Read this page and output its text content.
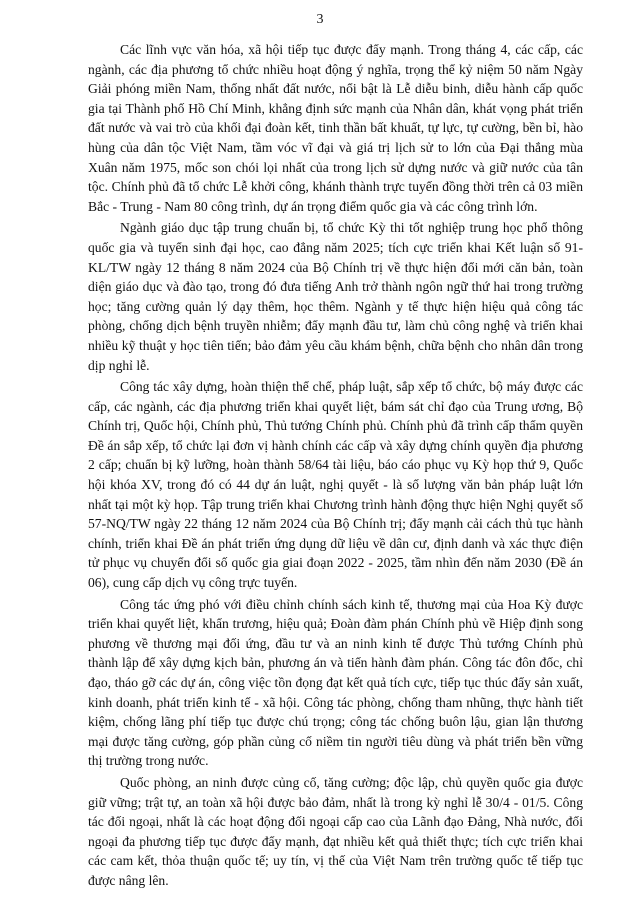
3

Các lĩnh vực văn hóa, xã hội tiếp tục được đẩy mạnh. Trong tháng 4, các cấp, các ngành, các địa phương tổ chức nhiều hoạt động ý nghĩa, trọng thể kỷ niệm 50 năm Ngày Giải phóng miền Nam, thống nhất đất nước, nổi bật là Lễ diễu binh, diễu hành cấp quốc gia tại Thành phố Hồ Chí Minh, khẳng định sức mạnh của Nhân dân, khát vọng phát triển đất nước và vai trò của khối đại đoàn kết, tinh thần bất khuất, tự lực, tự cường, bền bỉ, hào hùng của dân tộc Việt Nam, tầm vóc vĩ đại và giá trị lịch sử to lớn của Đại thắng mùa Xuân năm 1975, mốc son chói lọi nhất của trong lịch sử dựng nước và giữ nước của tân tộc. Chính phủ đã tổ chức Lễ khởi công, khánh thành trực tuyến đồng thời trên cả 03 miền Bắc - Trung - Nam 80 công trình, dự án trọng điểm quốc gia và các công trình lớn.

Ngành giáo dục tập trung chuẩn bị, tổ chức Kỳ thi tốt nghiệp trung học phổ thông quốc gia và tuyển sinh đại học, cao đẳng năm 2025; tích cực triển khai Kết luận số 91-KL/TW ngày 12 tháng 8 năm 2024 của Bộ Chính trị về thực hiện đổi mới căn bản, toàn diện giáo dục và đào tạo, trong đó đưa tiếng Anh trở thành ngôn ngữ thứ hai trong trường học; tăng cường quản lý dạy thêm, học thêm. Ngành y tế thực hiện hiệu quả công tác phòng, chống dịch bệnh truyền nhiễm; đẩy mạnh đầu tư, làm chủ công nghệ và triển khai nhiều kỹ thuật y học tiên tiến; bảo đảm yêu cầu khám bệnh, chữa bệnh cho nhân dân trong dịp nghỉ lễ.

Công tác xây dựng, hoàn thiện thể chế, pháp luật, sắp xếp tổ chức, bộ máy được các cấp, các ngành, các địa phương triển khai quyết liệt, bám sát chỉ đạo của Trung ương, Bộ Chính trị, Quốc hội, Chính phủ, Thủ tướng Chính phủ. Chính phủ đã trình cấp thẩm quyền Đề án sắp xếp, tổ chức lại đơn vị hành chính các cấp và xây dựng chính quyền địa phương 2 cấp; chuẩn bị kỹ lưỡng, hoàn thành 58/64 tài liệu, báo cáo phục vụ Kỳ họp thứ 9, Quốc hội khóa XV, trong đó có 44 dự án luật, nghị quyết - là số lượng văn bản pháp luật lớn nhất tại một kỳ họp. Tập trung triển khai Chương trình hành động thực hiện Nghị quyết số 57-NQ/TW ngày 22 tháng 12 năm 2024 của Bộ Chính trị; đẩy mạnh cải cách thủ tục hành chính, triển khai Đề án phát triển ứng dụng dữ liệu về dân cư, định danh và xác thực điện tử phục vụ chuyển đổi số quốc gia giai đoạn 2022 - 2025, tầm nhìn đến năm 2030 (Đề án 06), cung cấp dịch vụ công trực tuyến.

Công tác ứng phó với điều chỉnh chính sách kinh tế, thương mại của Hoa Kỳ được triển khai quyết liệt, khẩn trương, hiệu quả; Đoàn đàm phán Chính phủ về Hiệp định song phương về thương mại đối ứng, đầu tư và an ninh kinh tế được Thủ tướng Chính phủ thành lập để xây dựng kịch bản, phương án và tiến hành đàm phán. Công tác đôn đốc, chỉ đạo, tháo gỡ các dự án, công việc tồn đọng đạt kết quả tích cực, tiếp tục thúc đẩy sản xuất, kinh doanh, phát triển kinh tế - xã hội. Công tác phòng, chống tham nhũng, thực hành tiết kiệm, chống lãng phí tiếp tục được chú trọng; công tác chống buôn lậu, gian lận thương mại được tăng cường, góp phần củng cố niềm tin người tiêu dùng và phát triển bền vững thị trường trong nước.

Quốc phòng, an ninh được củng cố, tăng cường; độc lập, chủ quyền quốc gia được giữ vững; trật tự, an toàn xã hội được bảo đảm, nhất là trong kỳ nghỉ lễ 30/4 - 01/5. Công tác đối ngoại, nhất là các hoạt động đối ngoại cấp cao của Lãnh đạo Đảng, Nhà nước, đối ngoại đa phương tiếp tục được đẩy mạnh, đạt nhiều kết quả thiết thực; tích cực triển khai các cam kết, thỏa thuận quốc tế; uy tín, vị thế của Việt Nam trên trường quốc tế tiếp tục được nâng lên.
